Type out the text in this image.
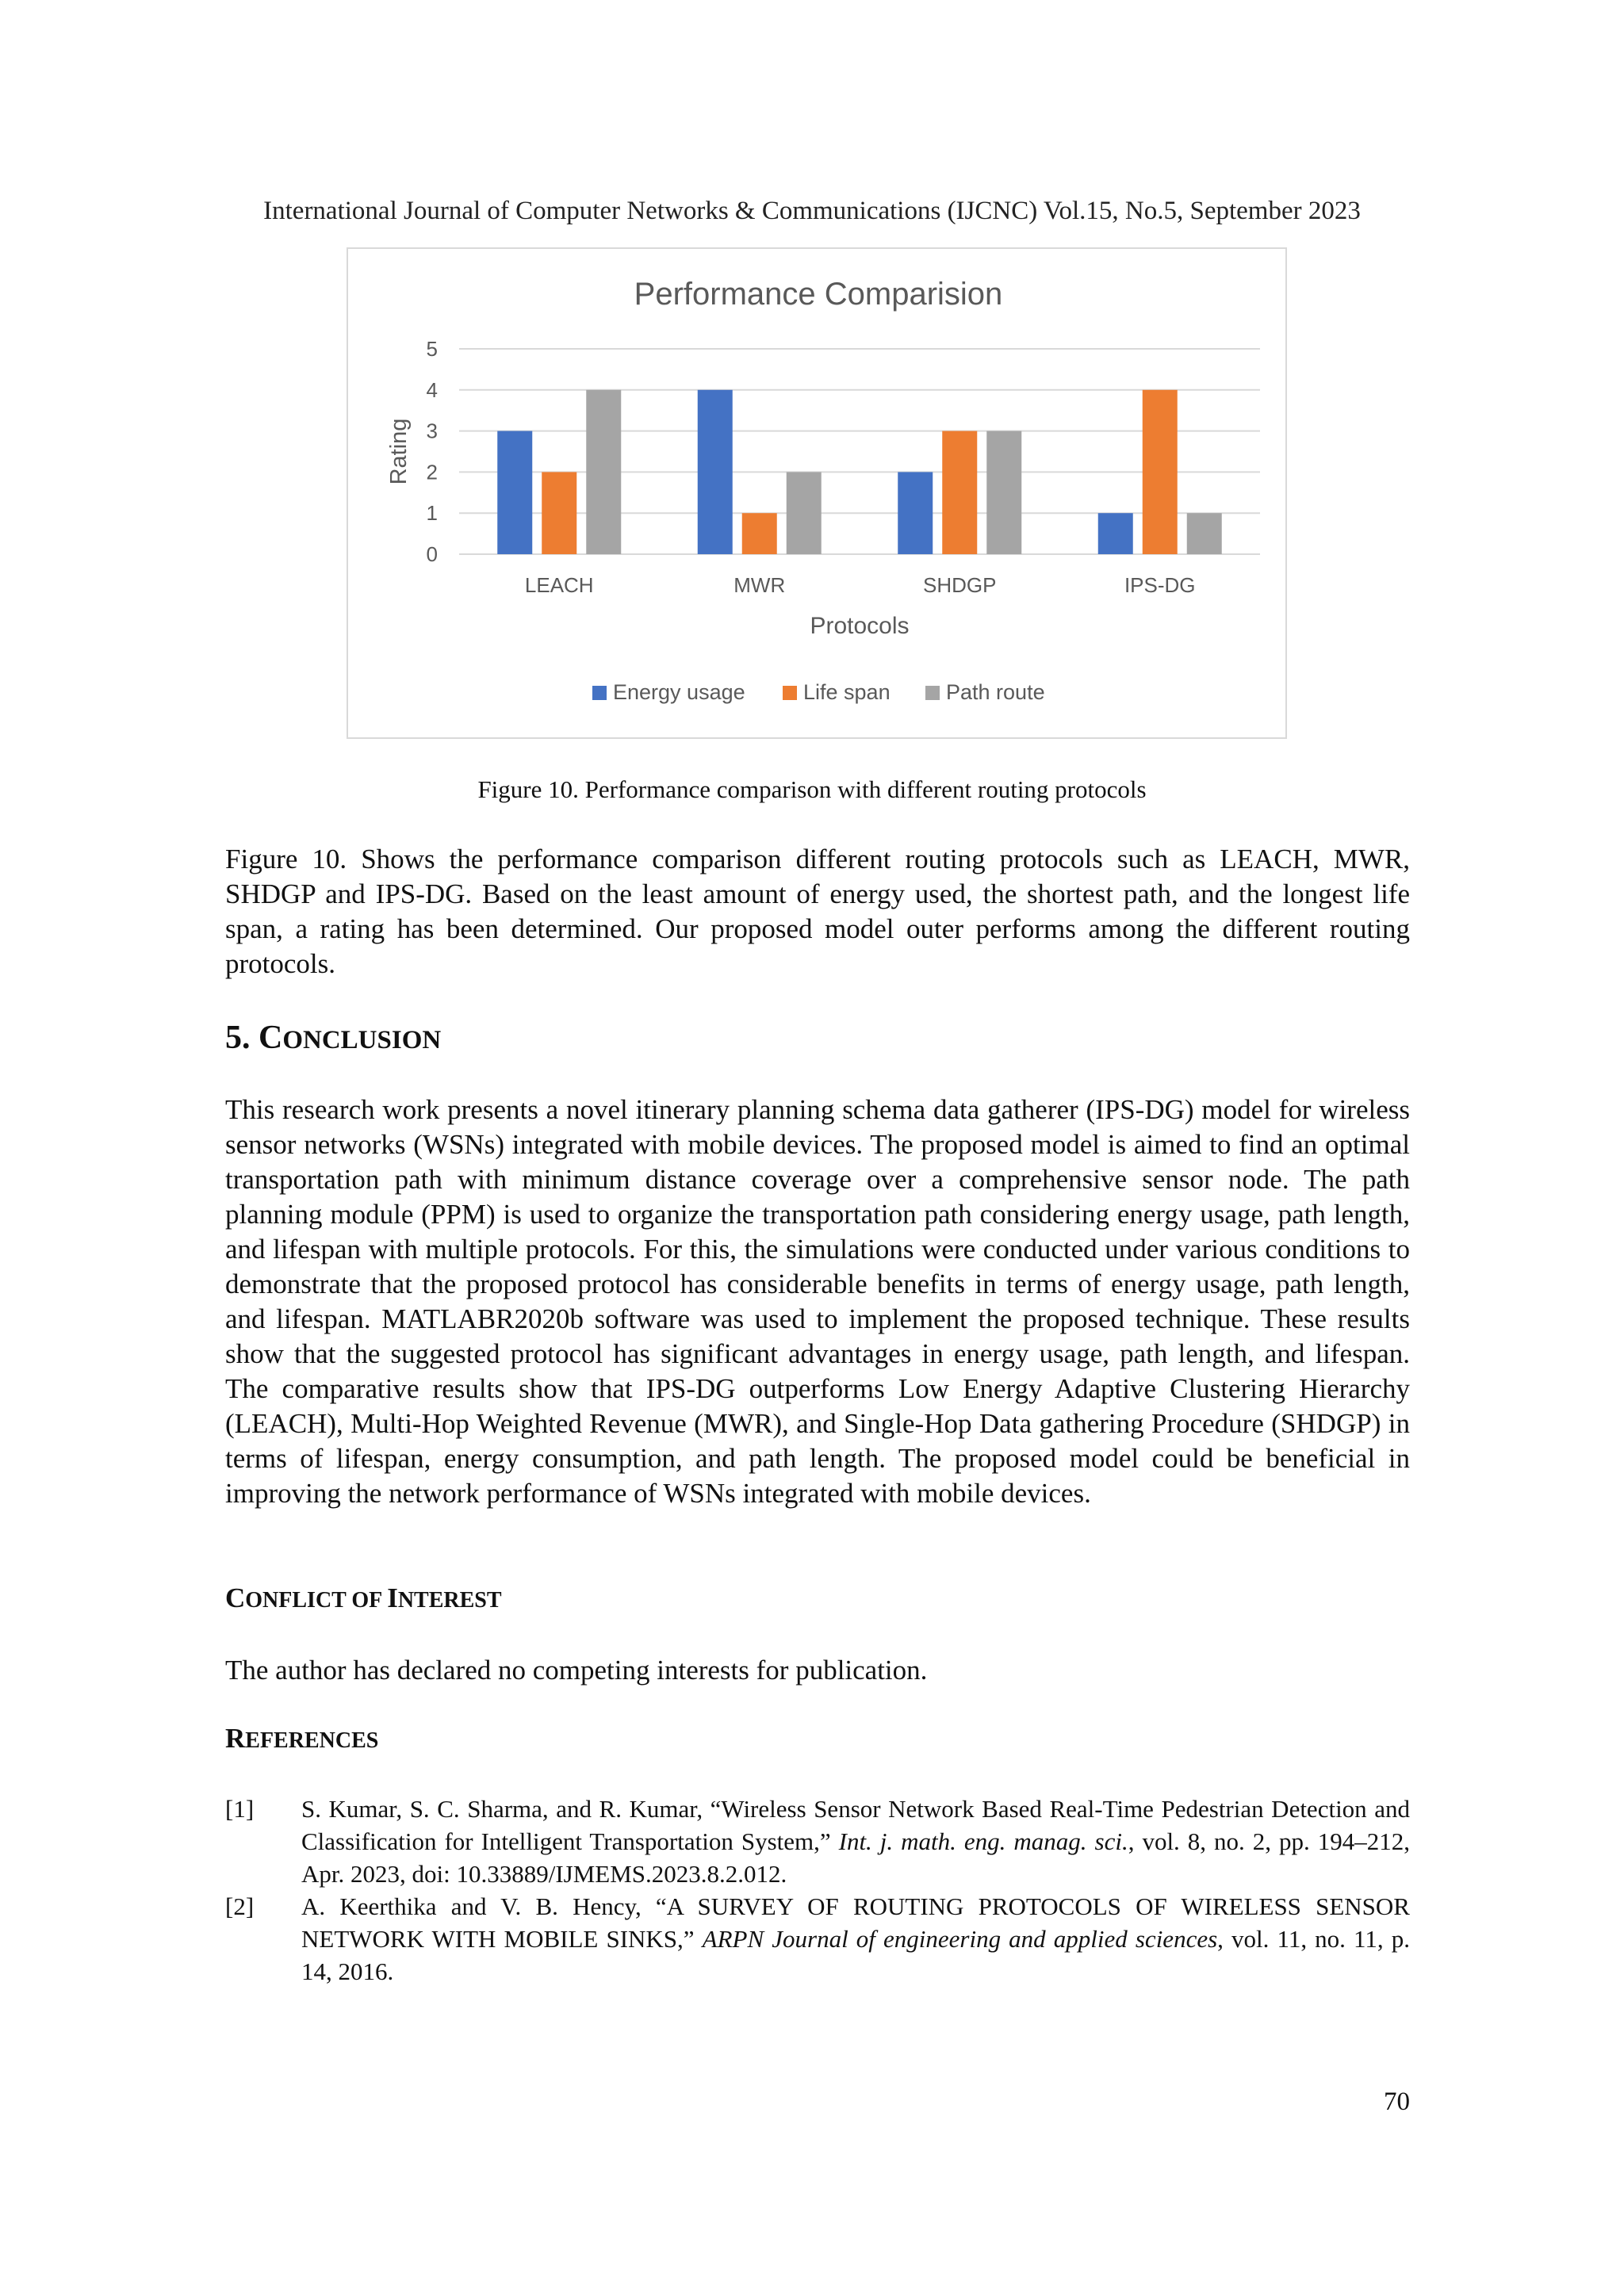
International Journal of Computer Networks & Communications (IJCNC) Vol.15, No.5, September 2023
Performance Comparision
0
1
2
3
4
5
Rating
LEACH	MWR	SHDGP	IPS-DG
Protocols
Energy usage	Life span	Path route
Figure 10. Performance comparison with different routing protocols

Figure 10. Shows the performance comparison different routing protocols such as LEACH, MWR, SHDGP and IPS-DG. Based on the least amount of energy used, the shortest path, and the longest life span, a rating has been determined. Our proposed model outer performs among the different routing protocols.

5. CONCLUSION

This research work presents a novel itinerary planning schema data gatherer (IPS-DG) model for wireless sensor networks (WSNs) integrated with mobile devices. The proposed model is aimed to find an optimal transportation path with minimum distance coverage over a comprehensive sensor node. The path planning module (PPM) is used to organize the transportation path considering energy usage, path length, and lifespan with multiple protocols. For this, the simulations were conducted under various conditions to demonstrate that the proposed protocol has considerable benefits in terms of energy usage, path length, and lifespan. MATLABR2020b software was used to implement the proposed technique. These results show that the suggested protocol has significant advantages in energy usage, path length, and lifespan. The comparative results show that IPS-DG outperforms Low Energy Adaptive Clustering Hierarchy (LEACH), Multi-Hop Weighted Revenue (MWR), and Single-Hop Data gathering Procedure (SHDGP) in terms of lifespan, energy consumption, and path length. The proposed model could be beneficial in improving the network performance of WSNs integrated with mobile devices.

CONFLICT OF INTEREST

The author has declared no competing interests for publication.

REFERENCES
[1]	S. Kumar, S. C. Sharma, and R. Kumar, “Wireless Sensor Network Based Real-Time Pedestrian Detection and Classification for Intelligent Transportation System,” Int. j. math. eng. manag. sci., vol. 8, no. 2, pp. 194–212, Apr. 2023, doi: 10.33889/IJMEMS.2023.8.2.012.
[2]	A. Keerthika and V. B. Hency, “A SURVEY OF ROUTING PROTOCOLS OF WIRELESS SENSOR NETWORK WITH MOBILE SINKS,” ARPN Journal of engineering and applied sciences, vol. 11, no. 11, p. 14, 2016.
70
